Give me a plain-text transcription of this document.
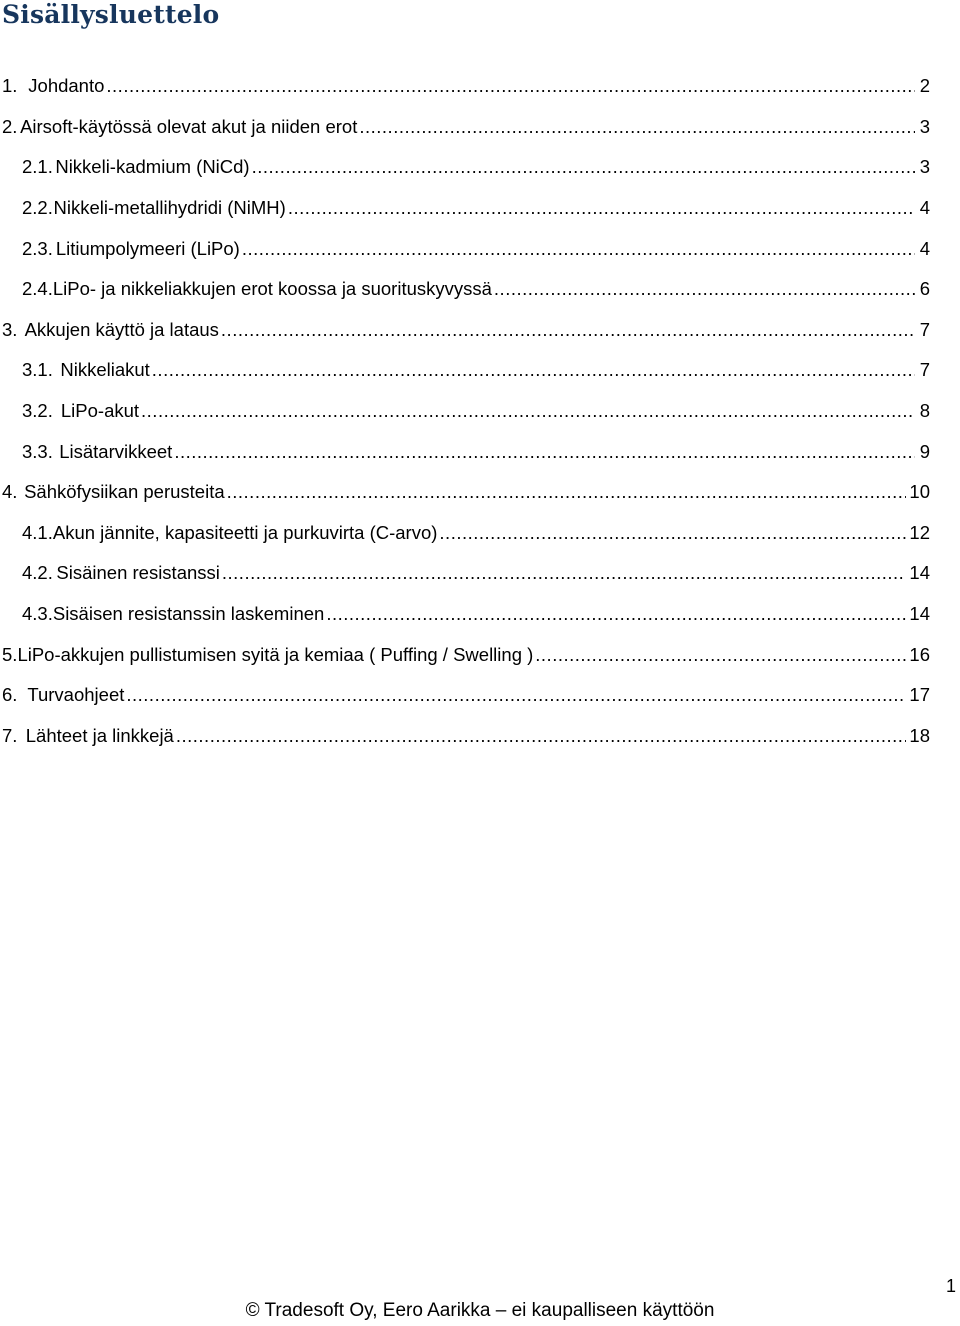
Sisällysluettelo
1. Johdanto .....	2
2. Airsoft-käytössä olevat akut ja niiden erot .....	3
2.1. Nikkeli-kadmium (NiCd) .....	3
2.2. Nikkeli-metallihydridi (NiMH) .....	4
2.3. Litiumpolymeeri (LiPo) .....	4
2.4. LiPo- ja nikkeliakkujen erot koossa ja suorituskyvyssä .....	6
3. Akkujen käyttö ja lataus .....	7
3.1. Nikkeliakut .....	7
3.2. LiPo-akut .....	8
3.3. Lisätarvikkeet .....	9
4. Sähköfysiikan perusteita .....	10
4.1. Akun jännite, kapasiteetti ja purkuvirta (C-arvo) .....	12
4.2. Sisäinen resistanssi .....	14
4.3. Sisäisen resistanssin laskeminen .....	14
5. LiPo-akkujen pullistumisen syitä ja kemiaa ( Puffing / Swelling ) .....	16
6. Turvaohjeet .....	17
7. Lähteet ja linkkejä .....	18
1
© Tradesoft Oy, Eero Aarikka – ei kaupalliseen käyttöön
